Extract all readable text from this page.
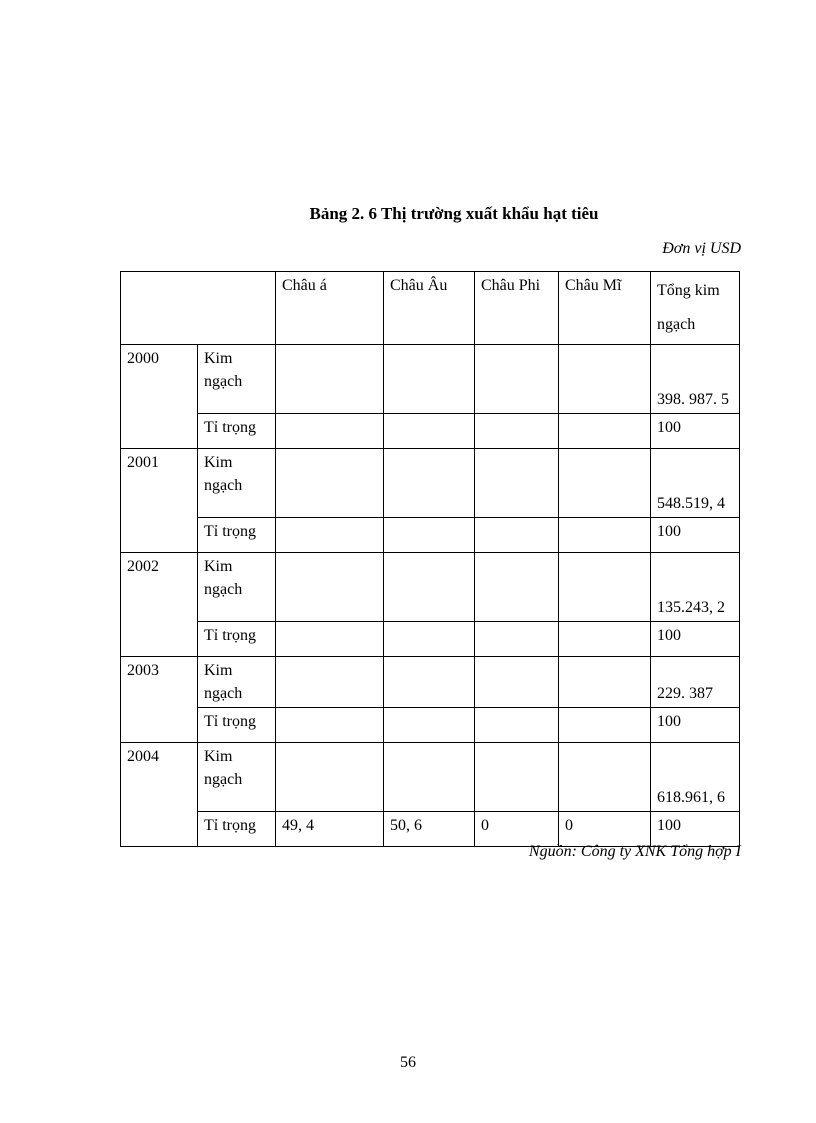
Bảng 2. 6 Thị trường xuất khẩu hạt tiêu
Đơn vị USD
		Châu á	Châu Âu	Châu Phi	Châu Mĩ	Tổng kim ngạch
2000	Kim ngạch					398. 987. 5
	Tỉ trọng					100
2001	Kim ngạch					548.519, 4
	Tỉ trọng					100
2002	Kim ngạch					135.243, 2
	Tỉ trọng					100
2003	Kim ngạch					229. 387
	Tỉ trọng					100
2004	Kim ngạch					618.961, 6
	Tỉ trọng	49, 4	50, 6	0	0	100
Nguồn: Công ty XNK Tổng hợp I
56
